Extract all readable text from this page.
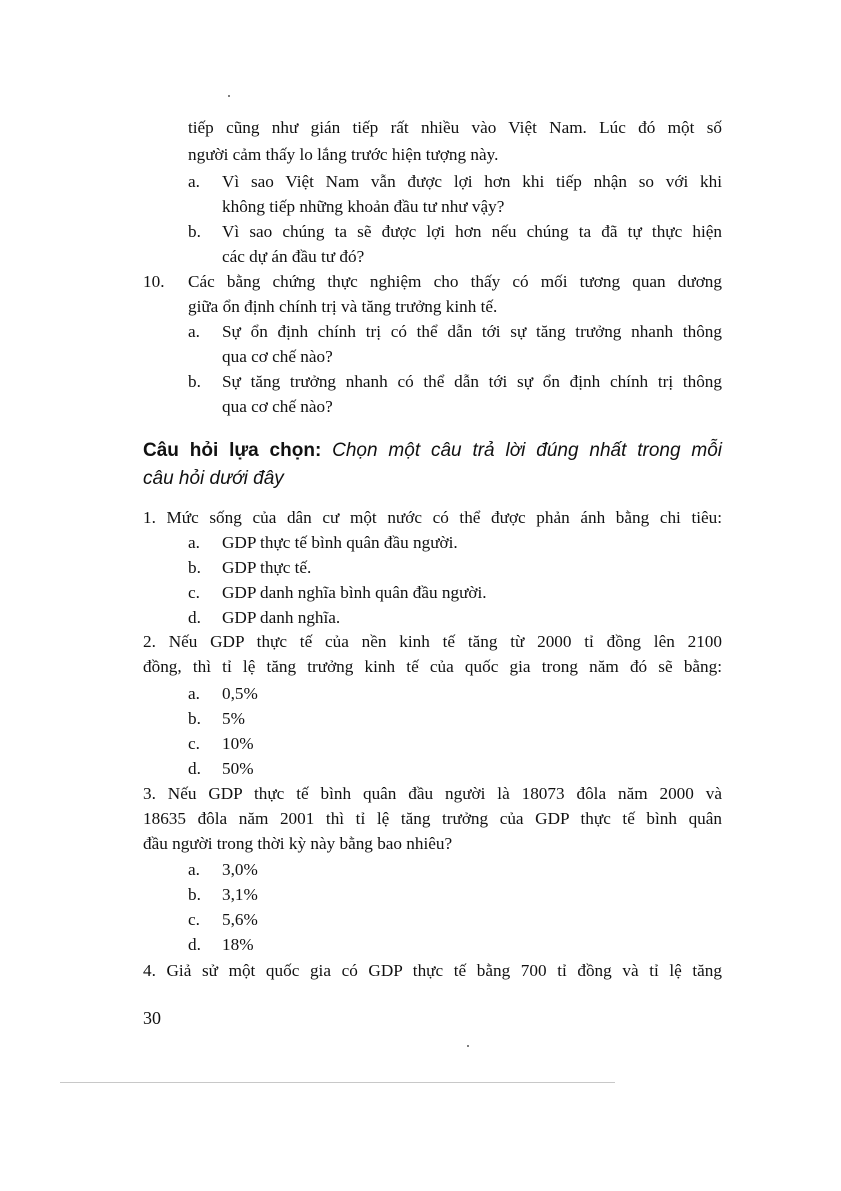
tiếp cũng như gián tiếp rất nhiều vào Việt Nam. Lúc đó một số
người cảm thấy lo lắng trước hiện tượng này.
a. Vì sao Việt Nam vẫn được lợi hơn khi tiếp nhận so với khi
không tiếp những khoản đầu tư như vậy?
b. Vì sao chúng ta sẽ được lợi hơn nếu chúng ta đã tự thực hiện
các dự án đầu tư đó?
10. Các bằng chứng thực nghiệm cho thấy có mối tương quan dương
giữa ổn định chính trị và tăng trưởng kinh tế.
a. Sự ổn định chính trị có thể dẫn tới sự tăng trưởng nhanh thông
qua cơ chế nào?
b. Sự tăng trưởng nhanh có thể dẫn tới sự ổn định chính trị thông
qua cơ chế nào?
Câu hỏi lựa chọn: Chọn một câu trả lời đúng nhất trong mỗi
câu hỏi dưới đây
1. Mức sống của dân cư một nước có thể được phản ánh bằng chi tiêu:
a. GDP thực tế bình quân đầu người.
b. GDP thực tế.
c. GDP danh nghĩa bình quân đầu người.
d. GDP danh nghĩa.
2. Nếu GDP thực tế của nền kinh tế tăng từ 2000 tỉ đồng lên 2100
đồng, thì tỉ lệ tăng trưởng kinh tế của quốc gia trong năm đó sẽ bằng:
a. 0,5%
b. 5%
c. 10%
d. 50%
3. Nếu GDP thực tế bình quân đầu người là 18073 đôla năm 2000 và
18635 đôla năm 2001 thì tỉ lệ tăng trưởng của GDP thực tế bình quân
đầu người trong thời kỳ này bằng bao nhiêu?
a. 3,0%
b. 3,1%
c. 5,6%
d. 18%
4. Giả sử một quốc gia có GDP thực tế bằng 700 tỉ đồng và tỉ lệ tăng
30
